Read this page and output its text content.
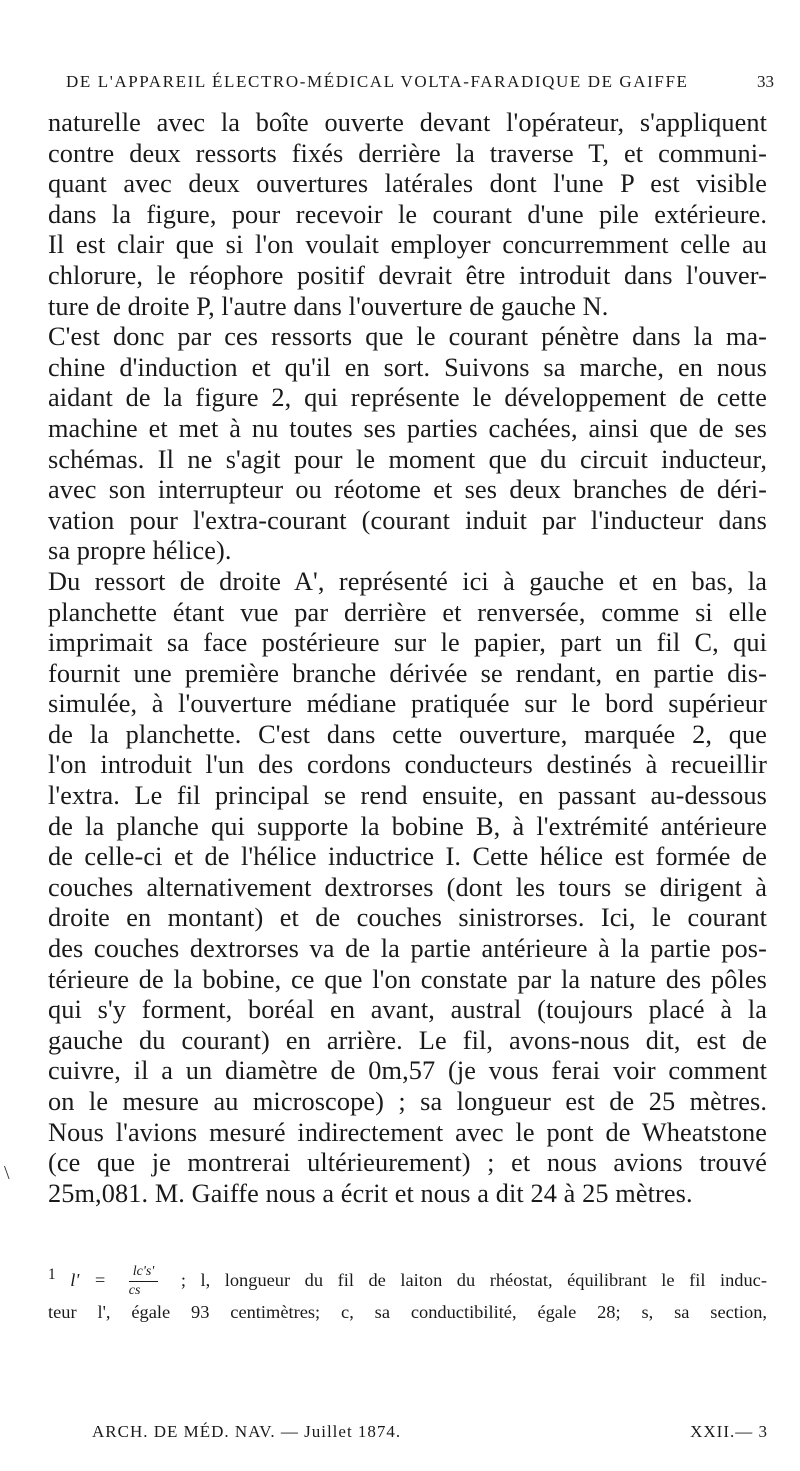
DE L'APPAREIL ÉLECTRO-MÉDICAL VOLTA-FARADIQUE DE GAIFFE	33
naturelle avec la boîte ouverte devant l'opérateur, s'appliquent
contre deux ressorts fixés derrière la traverse T, et communi-
quant avec deux ouvertures latérales dont l'une P est visible
dans la figure, pour recevoir le courant d'une pile extérieure.
Il est clair que si l'on voulait employer concurremment celle au
chlorure, le réophore positif devrait être introduit dans l'ouver-
ture de droite P, l'autre dans l'ouverture de gauche N.
C'est donc par ces ressorts que le courant pénètre dans la ma-
chine d'induction et qu'il en sort. Suivons sa marche, en nous
aidant de la figure 2, qui représente le développement de cette
machine et met à nu toutes ses parties cachées, ainsi que de ses
schémas. Il ne s'agit pour le moment que du circuit inducteur,
avec son interrupteur ou réotome et ses deux branches de déri-
vation pour l'extra-courant (courant induit par l'inducteur dans
sa propre hélice).
Du ressort de droite A', représenté ici à gauche et en bas, la
planchette étant vue par derrière et renversée, comme si elle
imprimait sa face postérieure sur le papier, part un fil C, qui
fournit une première branche dérivée se rendant, en partie dis-
simulée, à l'ouverture médiane pratiquée sur le bord supérieur
de la planchette. C'est dans cette ouverture, marquée 2, que
l'on introduit l'un des cordons conducteurs destinés à recueillir
l'extra. Le fil principal se rend ensuite, en passant au-dessous
de la planche qui supporte la bobine B, à l'extrémité antérieure
de celle-ci et de l'hélice inductrice I. Cette hélice est formée de
couches alternativement dextrorses (dont les tours se dirigent à
droite en montant) et de couches sinistrorses. Ici, le courant
des couches dextrorses va de la partie antérieure à la partie pos-
térieure de la bobine, ce que l'on constate par la nature des pôles
qui s'y forment, boréal en avant, austral (toujours placé à la
gauche du courant) en arrière. Le fil, avons-nous dit, est de
cuivre, il a un diamètre de 0m,57 (je vous ferai voir comment
on le mesure au microscope) ; sa longueur est de 25 mètres.
Nous l'avions mesuré indirectement avec le pont de Wheatstone
(ce que je montrerai ultérieurement) ; et nous avions trouvé
25m,081. M. Gaiffe nous a écrit et nous a dit 24 à 25 mètres.
\
$^1$ $l' = \frac{lc's'}{cs}$ ; l, longueur du fil de laiton du rhéostat, équilibrant le fil induc-
teur l', égale 93 centimètres; c, sa conductibilité, égale 28; s, sa section,
ARCH. DE MÉD. NAV. — Juillet 1874.	XXII.— 3
